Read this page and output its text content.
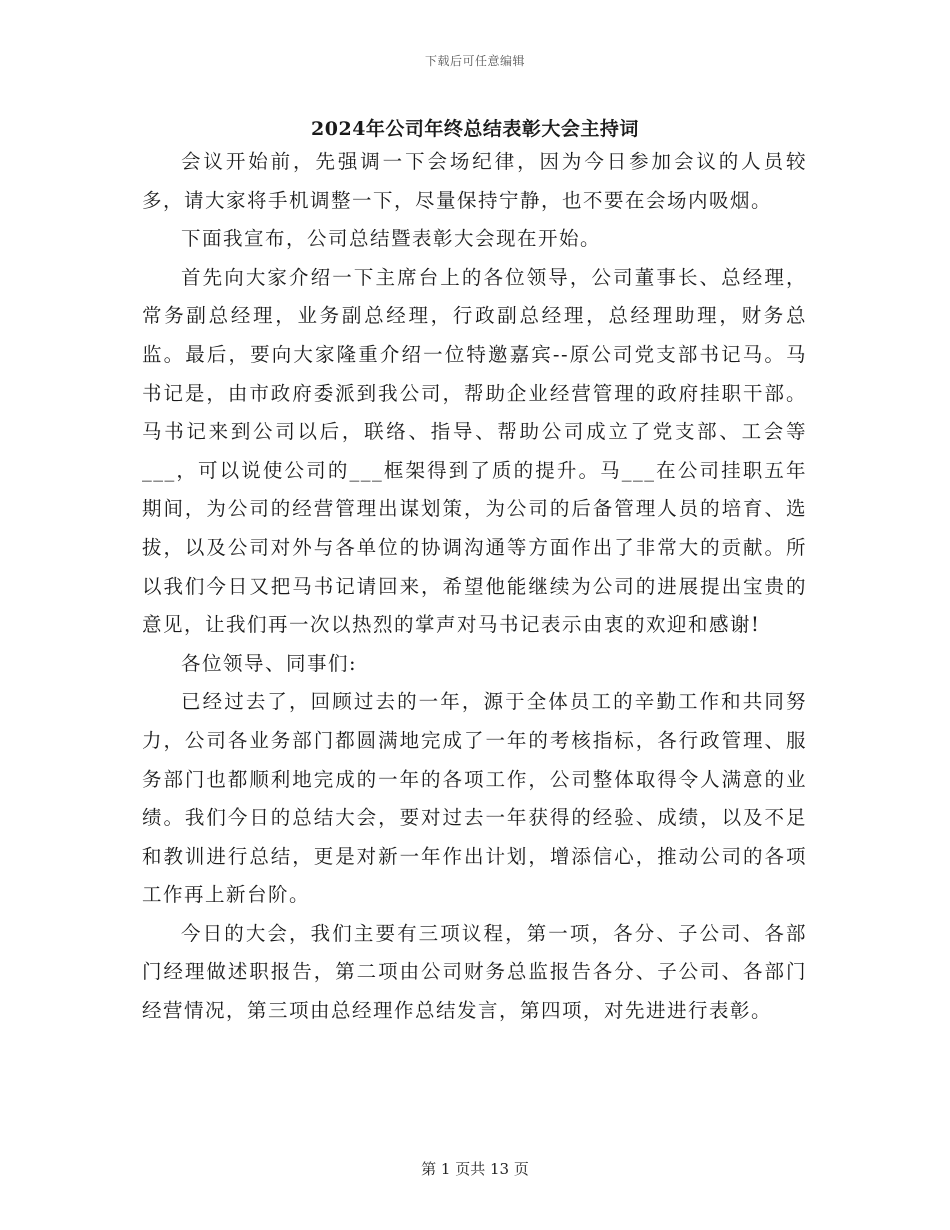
下载后可任意编辑
2024年公司年终总结表彰大会主持词

会议开始前，先强调一下会场纪律，因为今日参加会议的人员较多，请大家将手机调整一下，尽量保持宁静，也不要在会场内吸烟。

下面我宣布，公司总结暨表彰大会现在开始。

首先向大家介绍一下主席台上的各位领导，公司董事长、总经理，常务副总经理，业务副总经理，行政副总经理，总经理助理，财务总监。最后，要向大家隆重介绍一位特邀嘉宾--原公司党支部书记马。马书记是，由市政府委派到我公司，帮助企业经营管理的政府挂职干部。马书记来到公司以后，联络、指导、帮助公司成立了党支部、工会等___，可以说使公司的___框架得到了质的提升。马___在公司挂职五年期间，为公司的经营管理出谋划策，为公司的后备管理人员的培育、选拔，以及公司对外与各单位的协调沟通等方面作出了非常大的贡献。所以我们今日又把马书记请回来，希望他能继续为公司的进展提出宝贵的意见，让我们再一次以热烈的掌声对马书记表示由衷的欢迎和感谢!

各位领导、同事们:

已经过去了，回顾过去的一年，源于全体员工的辛勤工作和共同努力，公司各业务部门都圆满地完成了一年的考核指标，各行政管理、服务部门也都顺利地完成的一年的各项工作，公司整体取得令人满意的业绩。我们今日的总结大会，要对过去一年获得的经验、成绩，以及不足和教训进行总结，更是对新一年作出计划，增添信心，推动公司的各项工作再上新台阶。

今日的大会，我们主要有三项议程，第一项，各分、子公司、各部门经理做述职报告，第二项由公司财务总监报告各分、子公司、各部门经营情况，第三项由总经理作总结发言，第四项，对先进进行表彰。

第 1 页共 13 页
